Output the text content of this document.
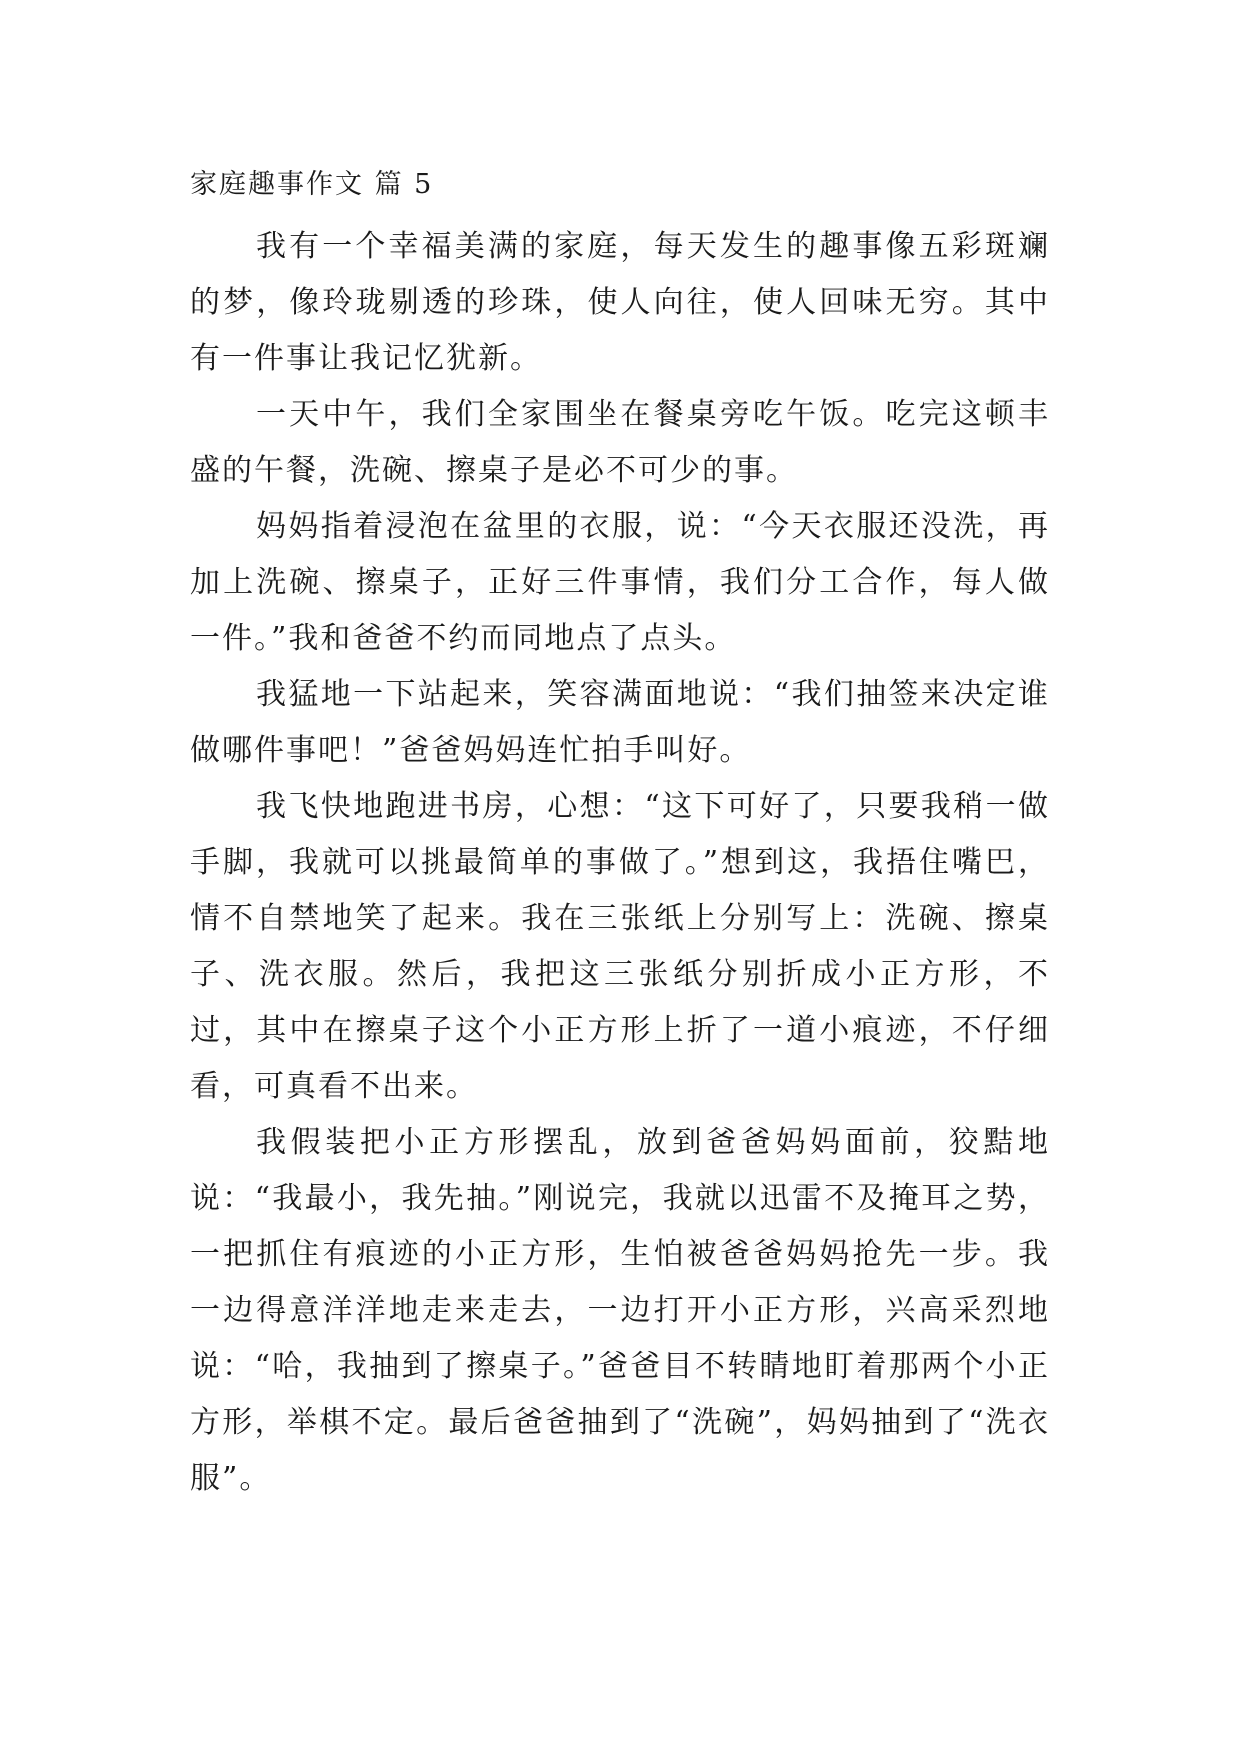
家庭趣事作文 篇 5

我有一个幸福美满的家庭，每天发生的趣事像五彩斑斓的梦，像玲珑剔透的珍珠，使人向往，使人回味无穷。其中有一件事让我记忆犹新。

一天中午，我们全家围坐在餐桌旁吃午饭。吃完这顿丰盛的午餐，洗碗、擦桌子是必不可少的事。

妈妈指着浸泡在盆里的衣服，说：“今天衣服还没洗，再加上洗碗、擦桌子，正好三件事情，我们分工合作，每人做一件。”我和爸爸不约而同地点了点头。

我猛地一下站起来，笑容满面地说：“我们抽签来决定谁做哪件事吧！”爸爸妈妈连忙拍手叫好。

我飞快地跑进书房，心想：“这下可好了，只要我稍一做手脚，我就可以挑最简单的事做了。”想到这，我捂住嘴巴，情不自禁地笑了起来。我在三张纸上分别写上：洗碗、擦桌子、洗衣服。然后，我把这三张纸分别折成小正方形，不过，其中在擦桌子这个小正方形上折了一道小痕迹，不仔细看，可真看不出来。

我假装把小正方形摆乱，放到爸爸妈妈面前，狡黠地说：“我最小，我先抽。”刚说完，我就以迅雷不及掩耳之势，一把抓住有痕迹的小正方形，生怕被爸爸妈妈抢先一步。我一边得意洋洋地走来走去，一边打开小正方形，兴高采烈地说：“哈，我抽到了擦桌子。”爸爸目不转睛地盯着那两个小正方形，举棋不定。最后爸爸抽到了“洗碗”，妈妈抽到了“洗衣服”。
